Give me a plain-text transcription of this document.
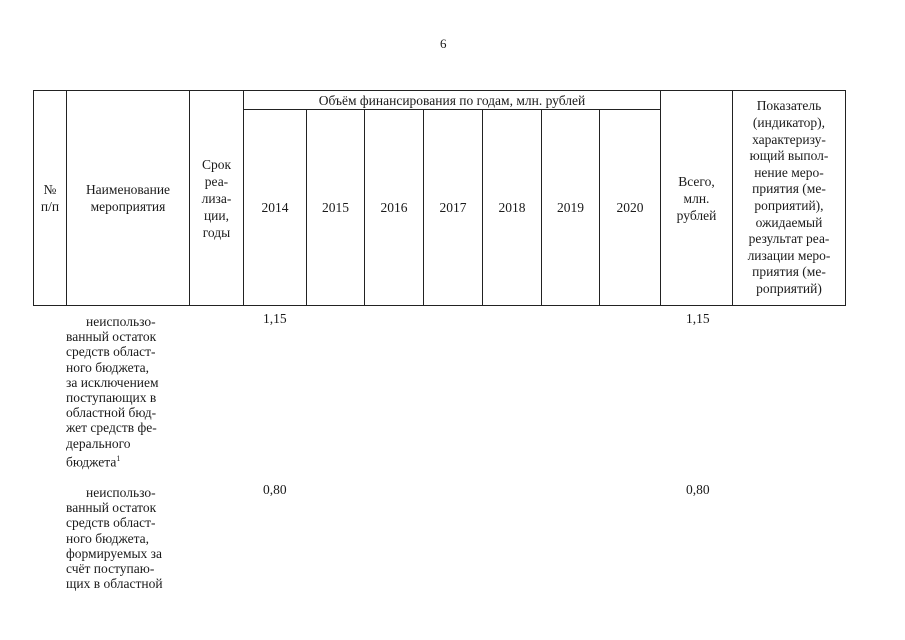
6
№
п/п
Наименование
мероприятия
Срок
реа-
лиза-
ции,
годы
Объём финансирования по годам, млн. рублей
2014 2015 2016 2017 2018 2019 2020
Всего,
млн.
рублей
Показатель
(индикатор),
характеризу-
ющий выпол-
нение меро-
приятия (ме-
роприятий),
ожидаемый
результат реа-
лизации меро-
приятия (ме-
роприятий)
неиспользо-
ванный остаток
средств област-
ного бюджета,
за исключением
поступающих в
областной бюд-
жет средств фе-
дерального
бюджета$^1$
1,15	1,15
неиспользо-
ванный остаток
средств област-
ного бюджета,
формируемых за
счёт поступаю-
щих в областной
0,80	0,80
